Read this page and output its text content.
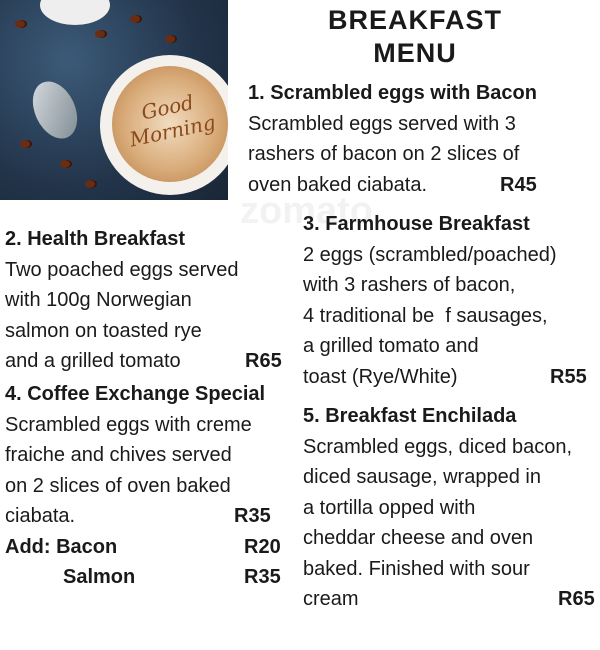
Good Morning
zomato
BREAKFAST
MENU
1. Scrambled eggs with Bacon
Scrambled eggs served with 3
rashers of bacon on 2 slices of
oven baked ciabata.	R45
2. Health Breakfast
Two poached eggs served
with 100g Norwegian
salmon on toasted rye
and a grilled tomato	R65
4. Coffee Exchange Special
Scrambled eggs with creme
fraiche and chives served
on 2 slices of oven baked
ciabata.	R35
Add: Bacon	R20
Salmon	R35
3. Farmhouse Breakfast
2 eggs (scrambled/poached)
with 3 rashers of bacon,
4 traditional be  f sausages,
a grilled tomato and
toast (Rye/White)	R55
5. Breakfast Enchilada
Scrambled eggs, diced bacon,
diced sausage, wrapped in
a tortilla opped with
cheddar cheese and oven
baked. Finished with sour
cream	R65
